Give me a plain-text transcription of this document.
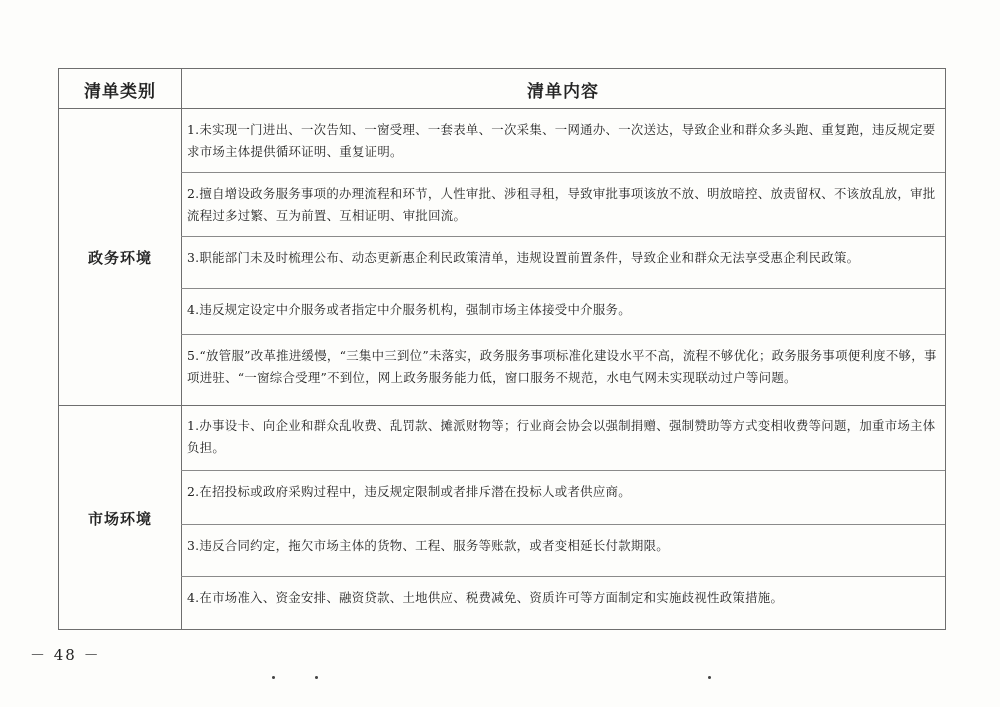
清单类别	清单内容
政务环境
1.未实现一门进出、一次告知、一窗受理、一套表单、一次采集、一网通办、一次送达，导致企业和群众多头跑、重复跑，违反规定要求市场主体提供循环证明、重复证明。
2.擅自增设政务服务事项的办理流程和环节，人性审批、涉租寻租，导致审批事项该放不放、明放暗控、放责留权、不该放乱放，审批流程过多过繁、互为前置、互相证明、审批回流。
3.职能部门未及时梳理公布、动态更新惠企利民政策清单，违规设置前置条件，导致企业和群众无法享受惠企利民政策。
4.违反规定设定中介服务或者指定中介服务机构，强制市场主体接受中介服务。
5.“放管服”改革推进缓慢，“三集中三到位”未落实，政务服务事项标准化建设水平不高，流程不够优化；政务服务事项便利度不够，事项进驻、“一窗综合受理”不到位，网上政务服务能力低，窗口服务不规范，水电气网未实现联动过户等问题。
市场环境
1.办事设卡、向企业和群众乱收费、乱罚款、摊派财物等；行业商会协会以强制捐赠、强制赞助等方式变相收费等问题，加重市场主体负担。
2.在招投标或政府采购过程中，违反规定限制或者排斥潜在投标人或者供应商。
3.违反合同约定，拖欠市场主体的货物、工程、服务等账款，或者变相延长付款期限。
4.在市场准入、资金安排、融资贷款、土地供应、税费减免、资质许可等方面制定和实施歧视性政策措施。
－ 48 －
